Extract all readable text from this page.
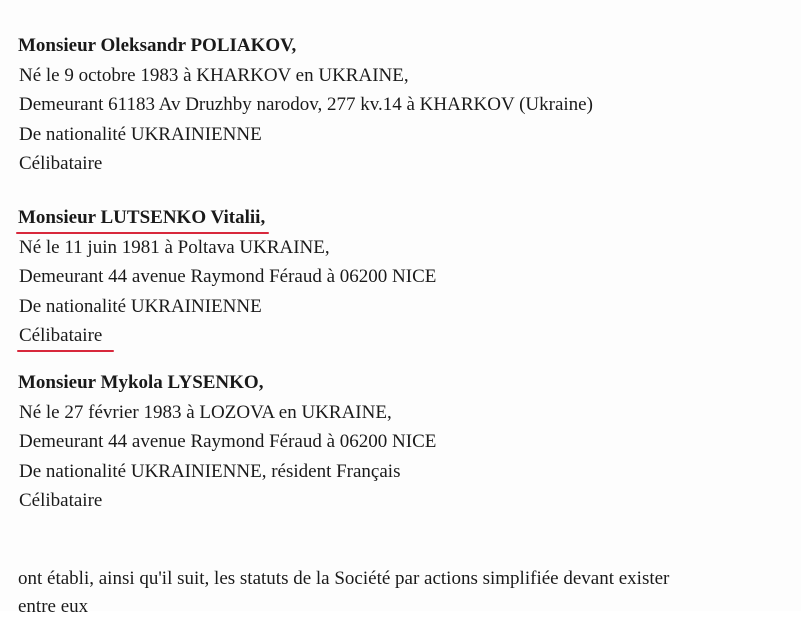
Monsieur Oleksandr POLIAKOV,
Né le 9 octobre 1983 à KHARKOV en UKRAINE,
Demeurant 61183 Av Druzhby narodov, 277 kv.14 à KHARKOV (Ukraine)
De nationalité UKRAINIENNE
Célibataire
Monsieur LUTSENKO Vitalii,
Né le 11 juin 1981 à Poltava UKRAINE,
Demeurant 44 avenue Raymond Féraud à 06200 NICE
De nationalité UKRAINIENNE
Célibataire
Monsieur Mykola LYSENKO,
Né le 27 février 1983 à LOZOVA en UKRAINE,
Demeurant 44 avenue Raymond Féraud à 06200 NICE
De nationalité UKRAINIENNE, résident Français
Célibataire
ont établi, ainsi qu'il suit, les statuts de la Société par actions simplifiée devant exister
entre eux
